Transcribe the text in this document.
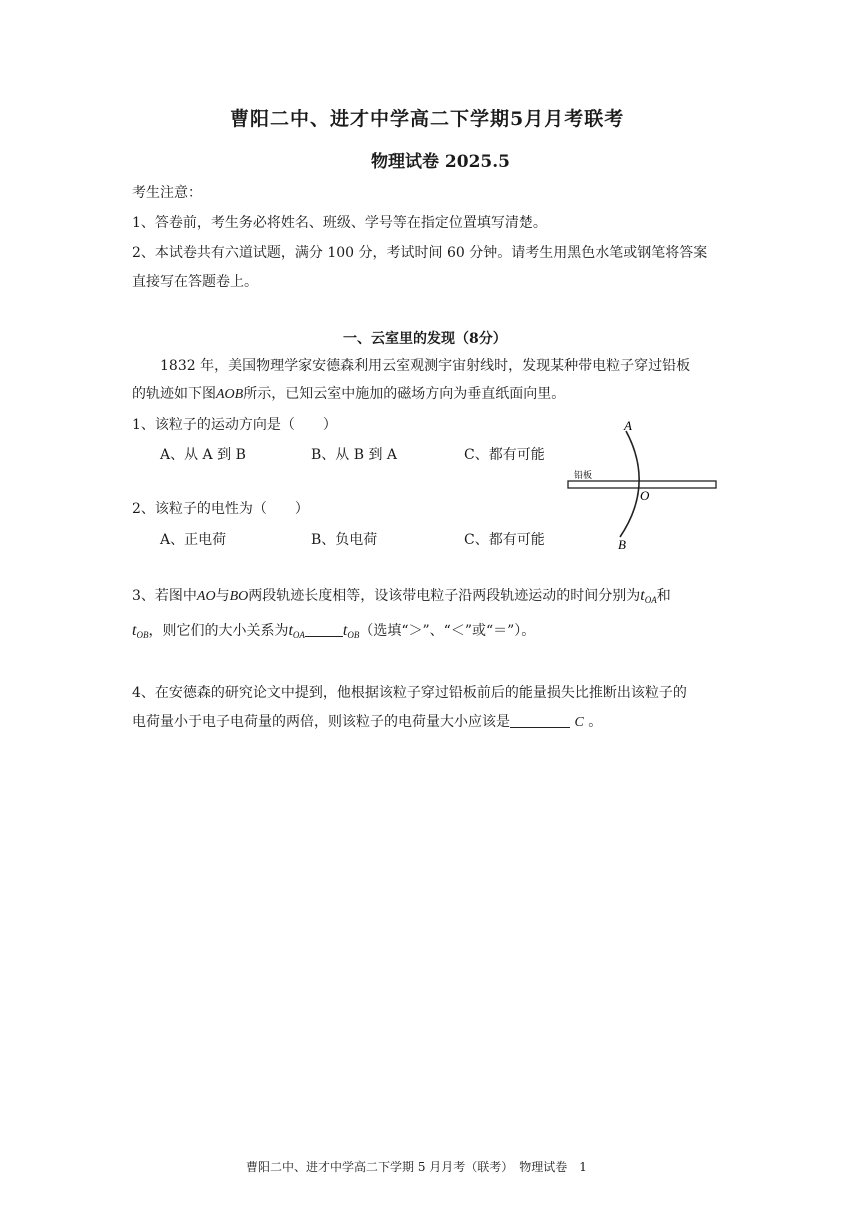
曹阳二中、进才中学高二下学期5月月考联考
物理试卷 2025.5
考生注意：
1、答卷前，考生务必将姓名、班级、学号等在指定位置填写清楚。
2、本试卷共有六道试题，满分 100 分，考试时间 60 分钟。请考生用黑色水笔或钢笔将答案
直接写在答题卷上。
一、云室里的发现（8分）
1832 年，美国物理学家安德森利用云室观测宇宙射线时，发现某种带电粒子穿过铅板
的轨迹如下图AOB所示，已知云室中施加的磁场方向为垂直纸面向里。
1、该粒子的运动方向是（　　）
A、从 A 到 B	B、从 B 到 A	C、都有可能
2、该粒子的电性为（　　）
A、正电荷	B、负电荷	C、都有可能
A
O
B
铅板
3、若图中AO与BO两段轨迹长度相等，设该带电粒子沿两段轨迹运动的时间分别为$t_{OA}$和
$t_{OB}$，则它们的大小关系为$t_{OA}$ $t_{OB}$（选填“＞”、“＜”或“＝”）。
4、在安德森的研究论文中提到，他根据该粒子穿过铅板前后的能量损失比推断出该粒子的
电荷量小于电子电荷量的两倍，则该粒子的电荷量大小应该是	C 。
曹阳二中、进才中学高二下学期 5 月月考（联考）　物理试卷　1
